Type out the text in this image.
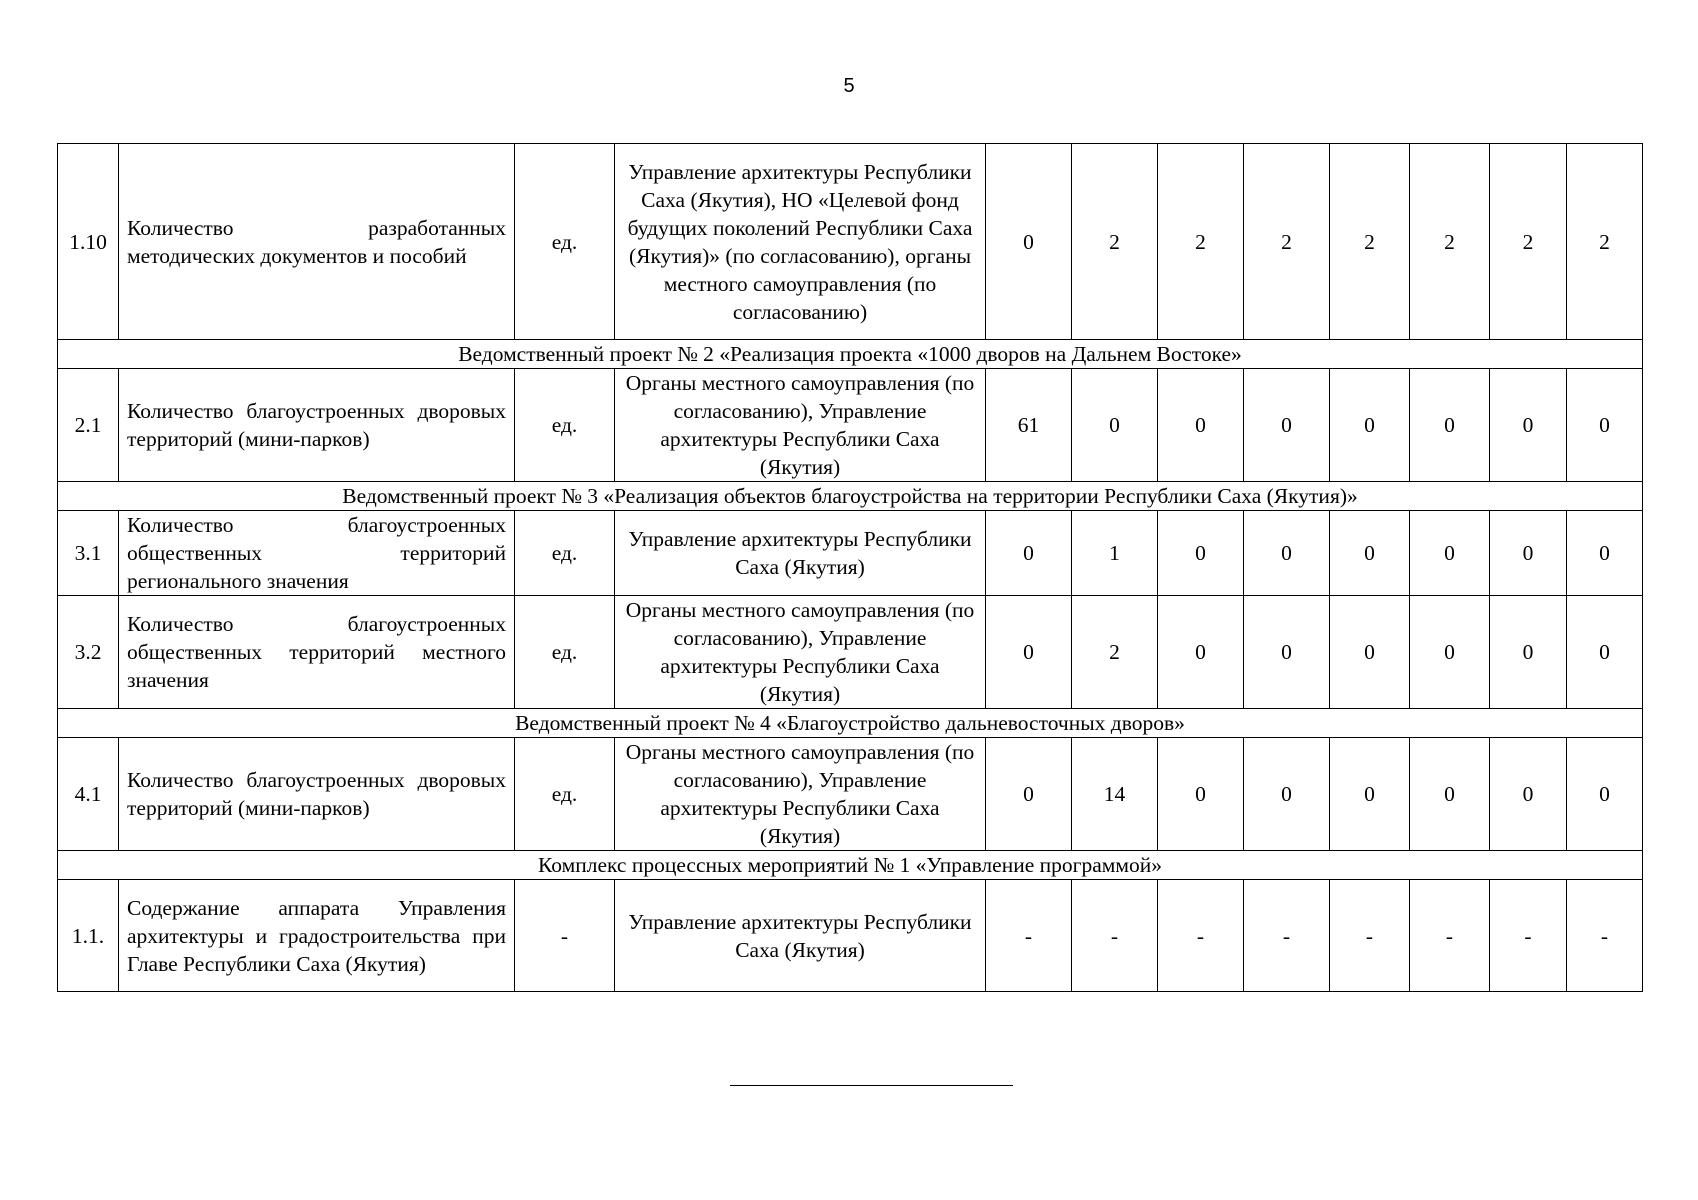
5
1.10	Количество разработанных методических документов и пособий	ед.	Управление архитектуры Республики Саха (Якутия), НО «Целевой фонд будущих поколений Республики Саха (Якутия)» (по согласованию), органы местного самоуправления (по согласованию)	0	2	2	2	2	2	2	2
Ведомственный проект № 2 «Реализация проекта «1000 дворов на Дальнем Востоке»											
2.1	Количество благоустроенных дворовых территорий (мини-парков)	ед.	Органы местного самоуправления (по согласованию), Управление архитектуры Республики Саха (Якутия)	61	0	0	0	0	0	0	0
Ведомственный проект № 3 «Реализация объектов благоустройства на территории Республики Саха (Якутия)»											
3.1	Количество благоустроенных общественных территорий регионального значения	ед.	Управление архитектуры Республики Саха (Якутия)	0	1	0	0	0	0	0	0
3.2	Количество благоустроенных общественных территорий местного значения	ед.	Органы местного самоуправления (по согласованию), Управление архитектуры Республики Саха (Якутия)	0	2	0	0	0	0	0	0
Ведомственный проект № 4 «Благоустройство дальневосточных дворов»											
4.1	Количество благоустроенных дворовых территорий (мини-парков)	ед.	Органы местного самоуправления (по согласованию), Управление архитектуры Республики Саха (Якутия)	0	14	0	0	0	0	0	0
Комплекс процессных мероприятий № 1 «Управление программой»											
1.1.	Содержание аппарата Управления архитектуры и градостроительства при Главе Республики Саха (Якутия)	-	Управление архитектуры Республики Саха (Якутия)	-	-	-	-	-	-	-	-
